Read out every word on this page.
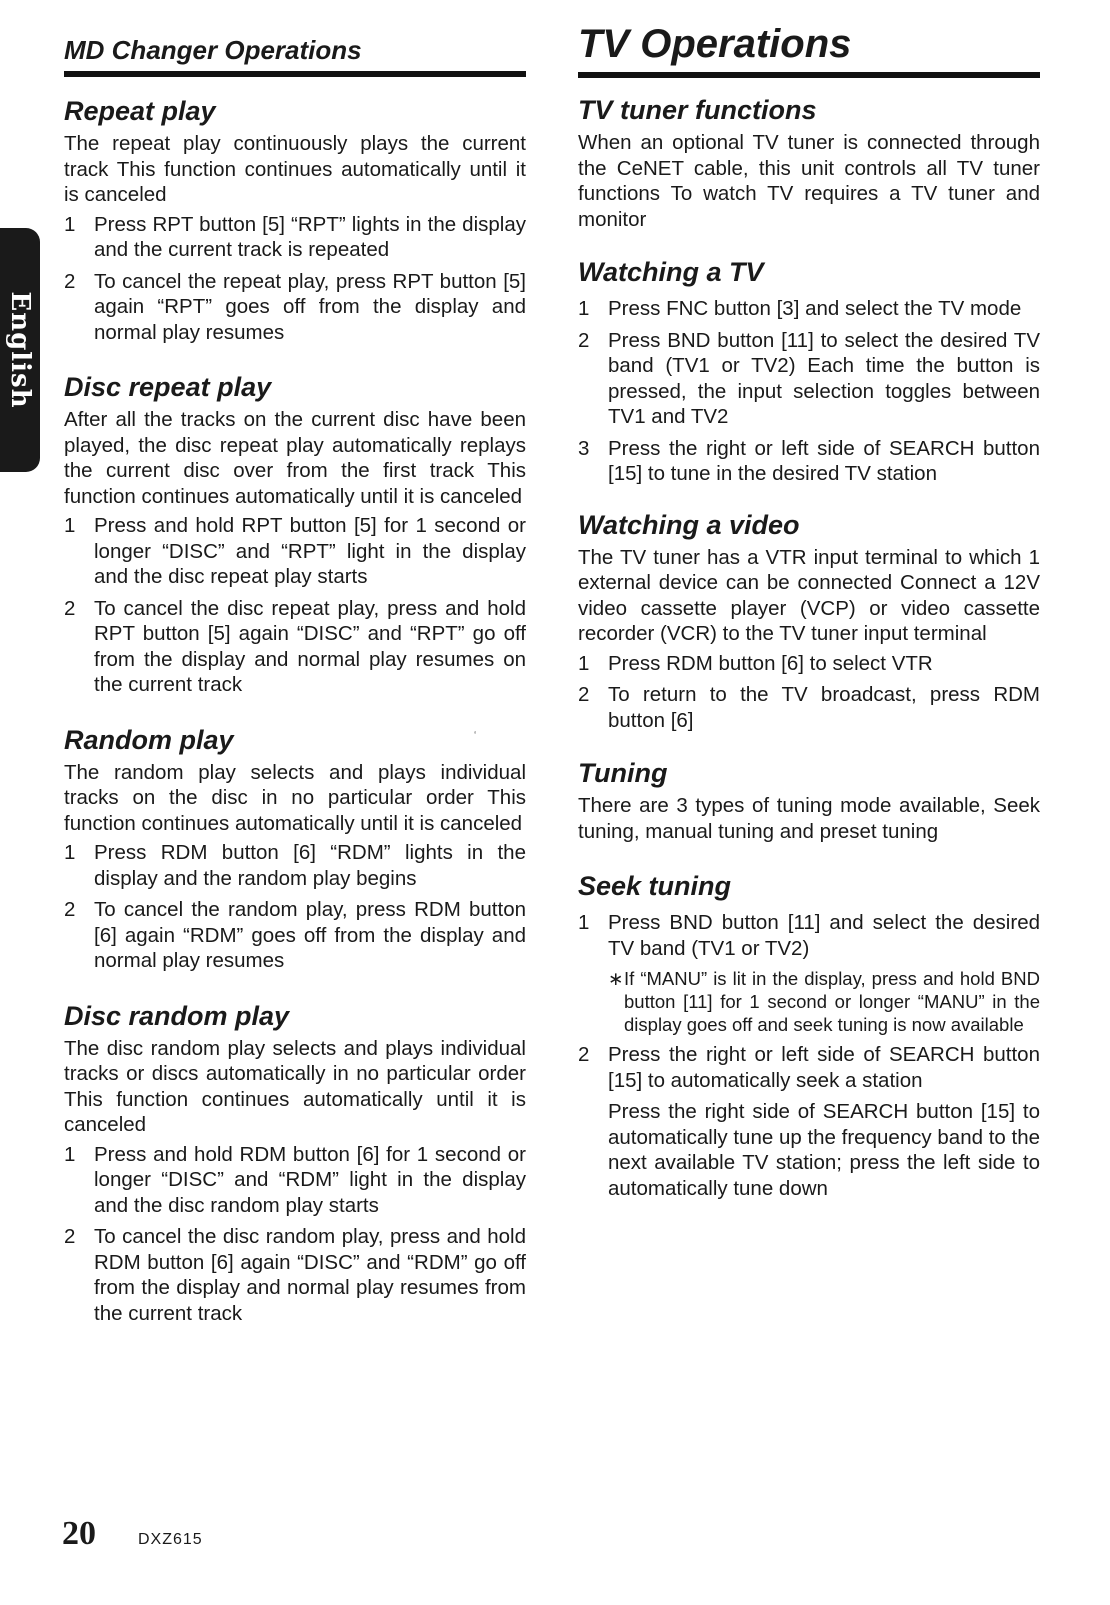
English
MD Changer Operations
Repeat play

The repeat play continuously plays the current track This function continues automatically until it is canceled

1 Press RPT button [5] “RPT” lights in the display and the current track is repeated
2 To cancel the repeat play, press RPT button [5] again “RPT” goes off from the display and normal play resumes
Disc repeat play

After all the tracks on the current disc have been played, the disc repeat play automatically replays the current disc over from the first track This function continues automatically until it is canceled

1 Press and hold RPT button [5] for 1 second or longer “DISC” and “RPT” light in the display and the disc repeat play starts
2 To cancel the disc repeat play, press and hold RPT button [5] again “DISC” and “RPT” go off from the display and normal play resumes on the current track
Random play

The random play selects and plays individual tracks on the disc in no particular order This function continues automatically until it is canceled

1 Press RDM button [6] “RDM” lights in the display and the random play begins
2 To cancel the random play, press RDM button [6] again “RDM” goes off from the display and normal play resumes
Disc random play

The disc random play selects and plays individual tracks or discs automatically in no particular order This function continues automatically until it is canceled

1 Press and hold RDM button [6] for 1 second or longer “DISC” and “RDM” light in the display and the disc random play starts
2 To cancel the disc random play, press and hold RDM button [6] again “DISC” and “RDM” go off from the display and normal play resumes from the current track
‘
TV Operations
TV tuner functions

When an optional TV tuner is connected through the CeNET cable, this unit controls all TV tuner functions To watch TV requires a TV tuner and monitor

Watching a TV
1 Press FNC button [3] and select the TV mode
2 Press BND button [11] to select the desired TV band (TV1 or TV2) Each time the button is pressed, the input selection toggles between TV1 and TV2
3 Press the right or left side of SEARCH button [15] to tune in the desired TV station
Watching a video

The TV tuner has a VTR input terminal to which 1 external device can be connected Connect a 12V video cassette player (VCP) or video cassette recorder (VCR) to the TV tuner input terminal

1 Press RDM button [6] to select VTR
2 To return to the TV broadcast, press RDM button [6]
Tuning

There are 3 types of tuning mode available, Seek tuning, manual tuning and preset tuning

Seek tuning
1 Press BND button [11] and select the desired TV band (TV1 or TV2)
∗ If “MANU” is lit in the display, press and hold BND button [11] for 1 second or longer “MANU” in the display goes off and seek tuning is now available
2 Press the right or left side of SEARCH button [15] to automatically seek a station

Press the right side of SEARCH button [15] to automatically tune up the frequency band to the next available TV station; press the left side to automatically tune down

20	DXZ615
